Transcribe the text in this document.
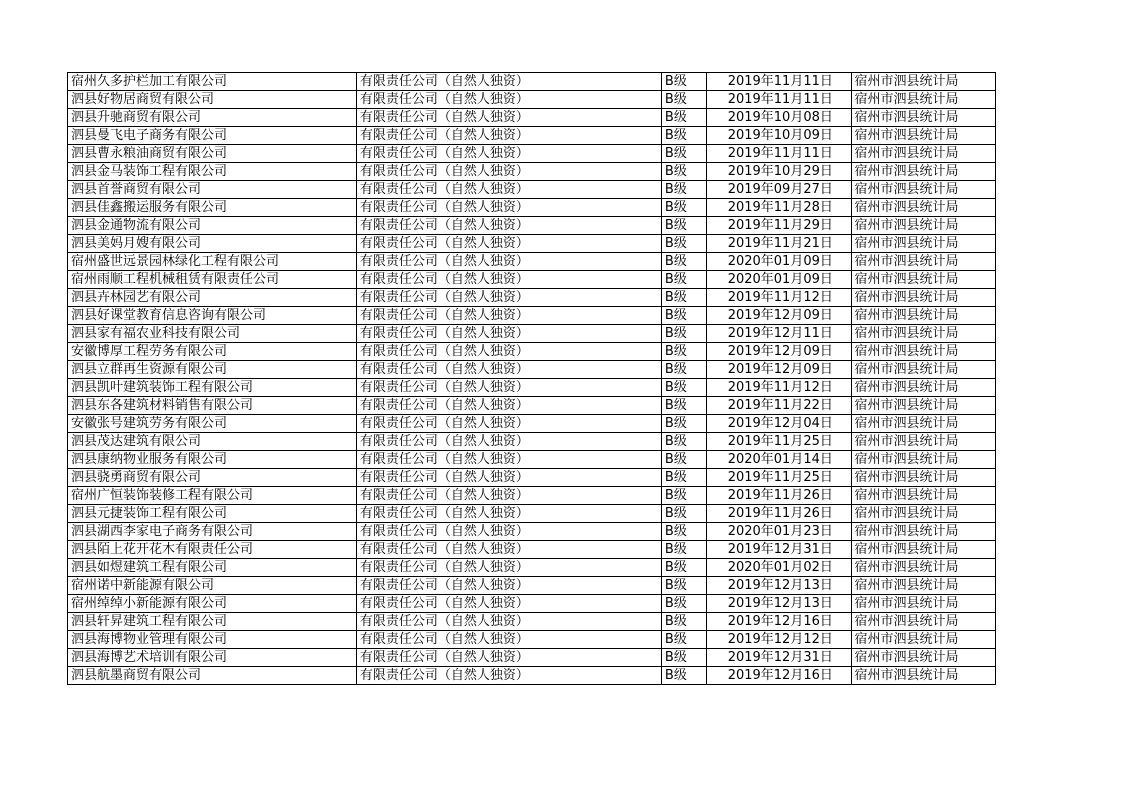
宿州久多护栏加工有限公司	有限责任公司（自然人独资）	B级	2019年11月11日	宿州市泗县统计局
泗县好物居商贸有限公司	有限责任公司（自然人独资）	B级	2019年11月11日	宿州市泗县统计局
泗县升驰商贸有限公司	有限责任公司（自然人独资）	B级	2019年10月08日	宿州市泗县统计局
泗县曼飞电子商务有限公司	有限责任公司（自然人独资）	B级	2019年10月09日	宿州市泗县统计局
泗县曹永粮油商贸有限公司	有限责任公司（自然人独资）	B级	2019年11月11日	宿州市泗县统计局
泗县金马装饰工程有限公司	有限责任公司（自然人独资）	B级	2019年10月29日	宿州市泗县统计局
泗县首誉商贸有限公司	有限责任公司（自然人独资）	B级	2019年09月27日	宿州市泗县统计局
泗县佳鑫搬运服务有限公司	有限责任公司（自然人独资）	B级	2019年11月28日	宿州市泗县统计局
泗县金通物流有限公司	有限责任公司（自然人独资）	B级	2019年11月29日	宿州市泗县统计局
泗县美妈月嫂有限公司	有限责任公司（自然人独资）	B级	2019年11月21日	宿州市泗县统计局
宿州盛世远景园林绿化工程有限公司	有限责任公司（自然人独资）	B级	2020年01月09日	宿州市泗县统计局
宿州雨顺工程机械租赁有限责任公司	有限责任公司（自然人独资）	B级	2020年01月09日	宿州市泗县统计局
泗县卉林园艺有限公司	有限责任公司（自然人独资）	B级	2019年11月12日	宿州市泗县统计局
泗县好课堂教育信息咨询有限公司	有限责任公司（自然人独资）	B级	2019年12月09日	宿州市泗县统计局
泗县家有福农业科技有限公司	有限责任公司（自然人独资）	B级	2019年12月11日	宿州市泗县统计局
安徽博厚工程劳务有限公司	有限责任公司（自然人独资）	B级	2019年12月09日	宿州市泗县统计局
泗县立群再生资源有限公司	有限责任公司（自然人独资）	B级	2019年12月09日	宿州市泗县统计局
泗县凯叶建筑装饰工程有限公司	有限责任公司（自然人独资）	B级	2019年11月12日	宿州市泗县统计局
泗县东各建筑材料销售有限公司	有限责任公司（自然人独资）	B级	2019年11月22日	宿州市泗县统计局
安徽张号建筑劳务有限公司	有限责任公司（自然人独资）	B级	2019年12月04日	宿州市泗县统计局
泗县茂达建筑有限公司	有限责任公司（自然人独资）	B级	2019年11月25日	宿州市泗县统计局
泗县康纳物业服务有限公司	有限责任公司（自然人独资）	B级	2020年01月14日	宿州市泗县统计局
泗县骁勇商贸有限公司	有限责任公司（自然人独资）	B级	2019年11月25日	宿州市泗县统计局
宿州广恒装饰装修工程有限公司	有限责任公司（自然人独资）	B级	2019年11月26日	宿州市泗县统计局
泗县元捷装饰工程有限公司	有限责任公司（自然人独资）	B级	2019年11月26日	宿州市泗县统计局
泗县湖西李家电子商务有限公司	有限责任公司（自然人独资）	B级	2020年01月23日	宿州市泗县统计局
泗县陌上花开花木有限责任公司	有限责任公司（自然人独资）	B级	2019年12月31日	宿州市泗县统计局
泗县如煜建筑工程有限公司	有限责任公司（自然人独资）	B级	2020年01月02日	宿州市泗县统计局
宿州诺中新能源有限公司	有限责任公司（自然人独资）	B级	2019年12月13日	宿州市泗县统计局
宿州绰绰小新能源有限公司	有限责任公司（自然人独资）	B级	2019年12月13日	宿州市泗县统计局
泗县轩昇建筑工程有限公司	有限责任公司（自然人独资）	B级	2019年12月16日	宿州市泗县统计局
泗县海博物业管理有限公司	有限责任公司（自然人独资）	B级	2019年12月12日	宿州市泗县统计局
泗县海博艺术培训有限公司	有限责任公司（自然人独资）	B级	2019年12月31日	宿州市泗县统计局
泗县航墨商贸有限公司	有限责任公司（自然人独资）	B级	2019年12月16日	宿州市泗县统计局
